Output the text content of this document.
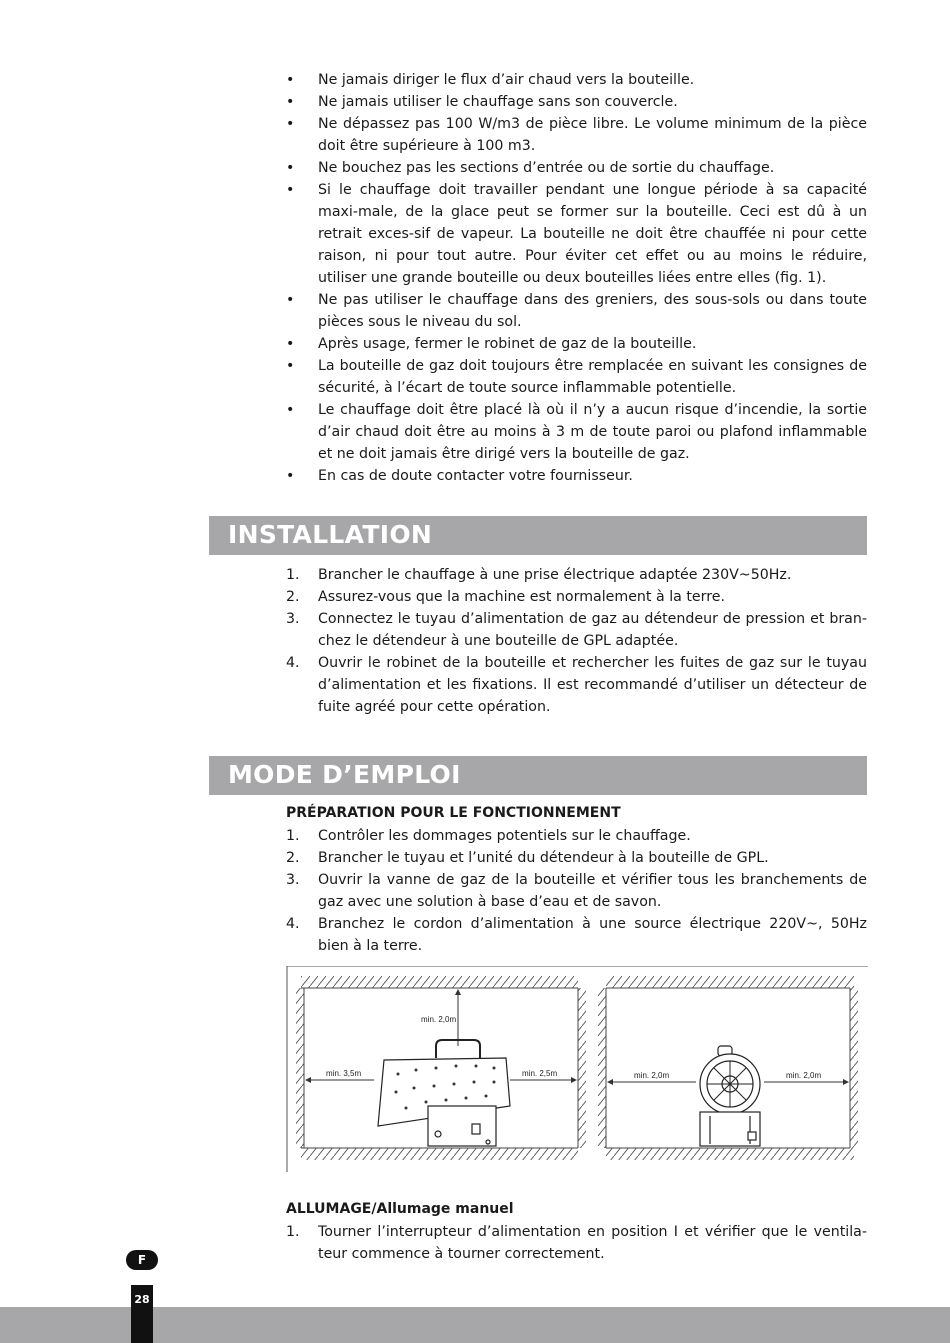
• Ne jamais diriger le flux d’air chaud vers la bouteille.
• Ne jamais utiliser le chauffage sans son couvercle.
• Ne dépassez pas 100 W/m3 de pièce libre. Le volume minimum de la pièce doit être supérieure à 100 m3.
• Ne bouchez pas les sections d’entrée ou de sortie du chauffage.
• Si le chauffage doit travailler pendant une longue période à sa capacité maxi-male, de la glace peut se former sur la bouteille. Ceci est dû à un retrait exces-sif de vapeur. La bouteille ne doit être chauffée ni pour cette raison, ni pour tout autre. Pour éviter cet effet ou au moins le réduire, utiliser une grande bouteille ou deux bouteilles liées entre elles (fig. 1).
• Ne pas utiliser le chauffage dans des greniers, des sous-sols ou dans toute pièces sous le niveau du sol.
• Après usage, fermer le robinet de gaz de la bouteille.
• La bouteille de gaz doit toujours être remplacée en suivant les consignes de sécurité, à l’écart de toute source inflammable potentielle.
• Le chauffage doit être placé là où il n’y a aucun risque d’incendie, la sortie d’air chaud doit être au moins à 3 m de toute paroi ou plafond inflammable et ne doit jamais être dirigé vers la bouteille de gaz.
• En cas de doute contacter votre fournisseur.
INSTALLATION
1. Brancher le chauffage à une prise électrique adaptée 230V~50Hz.
2. Assurez-vous que la machine est normalement à la terre.
3. Connectez le tuyau d’alimentation de gaz au détendeur de pression et bran-chez le détendeur à une bouteille de GPL adaptée.
4. Ouvrir le robinet de la bouteille et rechercher les fuites de gaz sur le tuyau d’alimentation et les fixations. Il est recommandé d’utiliser un détecteur de fuite agréé pour cette opération.
MODE D’EMPLOI
PRÉPARATION POUR LE FONCTIONNEMENT
1. Contrôler les dommages potentiels sur le chauffage.
2. Brancher le tuyau et l’unité du détendeur à la bouteille de GPL.
3. Ouvrir la vanne de gaz de la bouteille et vérifier tous les branchements de gaz avec une solution à base d’eau et de savon.
4. Branchez le cordon d’alimentation à une source électrique 220V~, 50Hz bien à la terre.
min. 2,0m
min. 3,5m	min. 2,5m	min. 2,0m	min. 2,0m
ALLUMAGE/Allumage manuel
1. Tourner l’interrupteur d’alimentation en position I et vérifier que le ventila-teur commence à tourner correctement.
F
28
